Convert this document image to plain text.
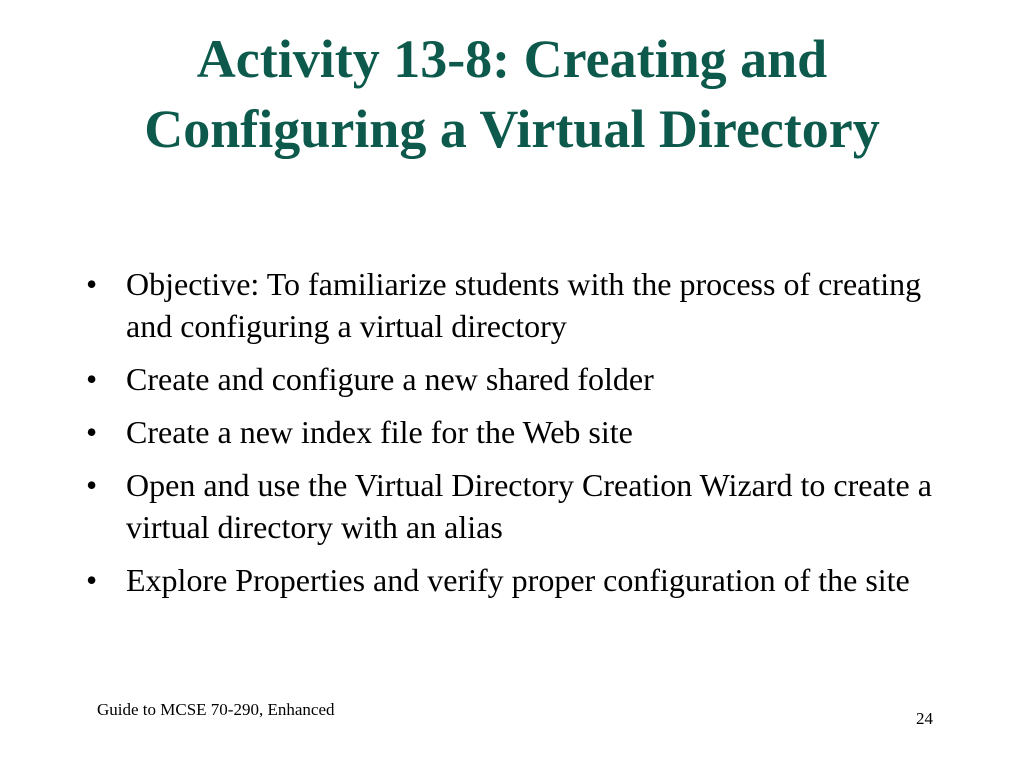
Activity 13-8: Creating and Configuring a Virtual Directory
• Objective: To familiarize students with the process of creating and configuring a virtual directory
• Create and configure a new shared folder
• Create a new index file for the Web site
• Open and use the Virtual Directory Creation Wizard to create a virtual directory with an alias
• Explore Properties and verify proper configuration of the site
Guide to MCSE 70-290, Enhanced	24
